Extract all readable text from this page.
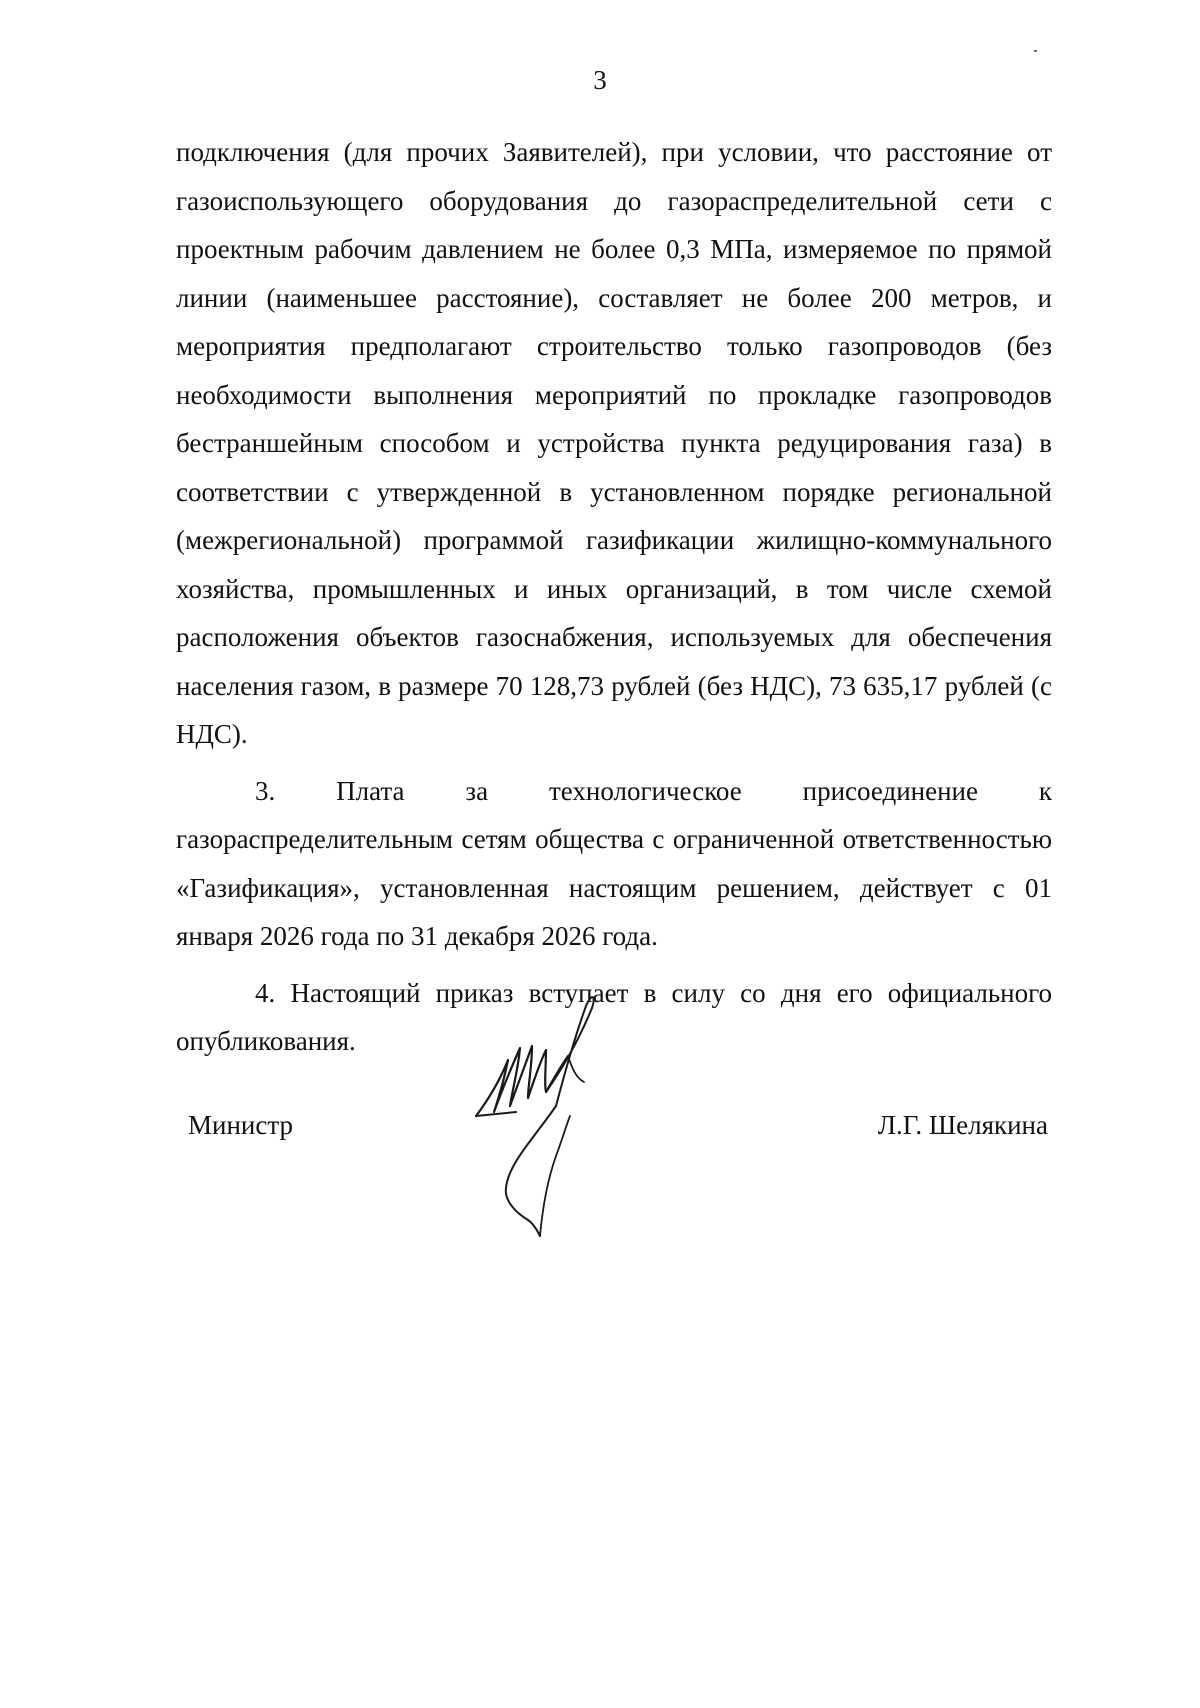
3

подключения (для прочих Заявителей), при условии, что расстояние от газоиспользующего оборудования до газораспределительной сети с проектным рабочим давлением не более 0,3 МПа, измеряемое по прямой линии (наименьшее расстояние), составляет не более 200 метров, и мероприятия предполагают строительство только газопроводов (без необходимости выполнения мероприятий по прокладке газопроводов бестраншейным способом и устройства пункта редуцирования газа) в соответствии с утвержденной в установленном порядке региональной (межрегиональной) программой газификации жилищно-коммунального хозяйства, промышленных и иных организаций, в том числе схемой расположения объектов газоснабжения, используемых для обеспечения населения газом, в размере 70 128,73 рублей (без НДС), 73 635,17 рублей (с НДС).

3. Плата за технологическое присоединение к газораспределительным сетям общества с ограниченной ответственностью «Газификация», установленная настоящим решением, действует с 01 января 2026 года по 31 декабря 2026 года.

4. Настоящий приказ вступает в силу со дня его официального опубликования.

Министр	Л.Г. Шелякина
